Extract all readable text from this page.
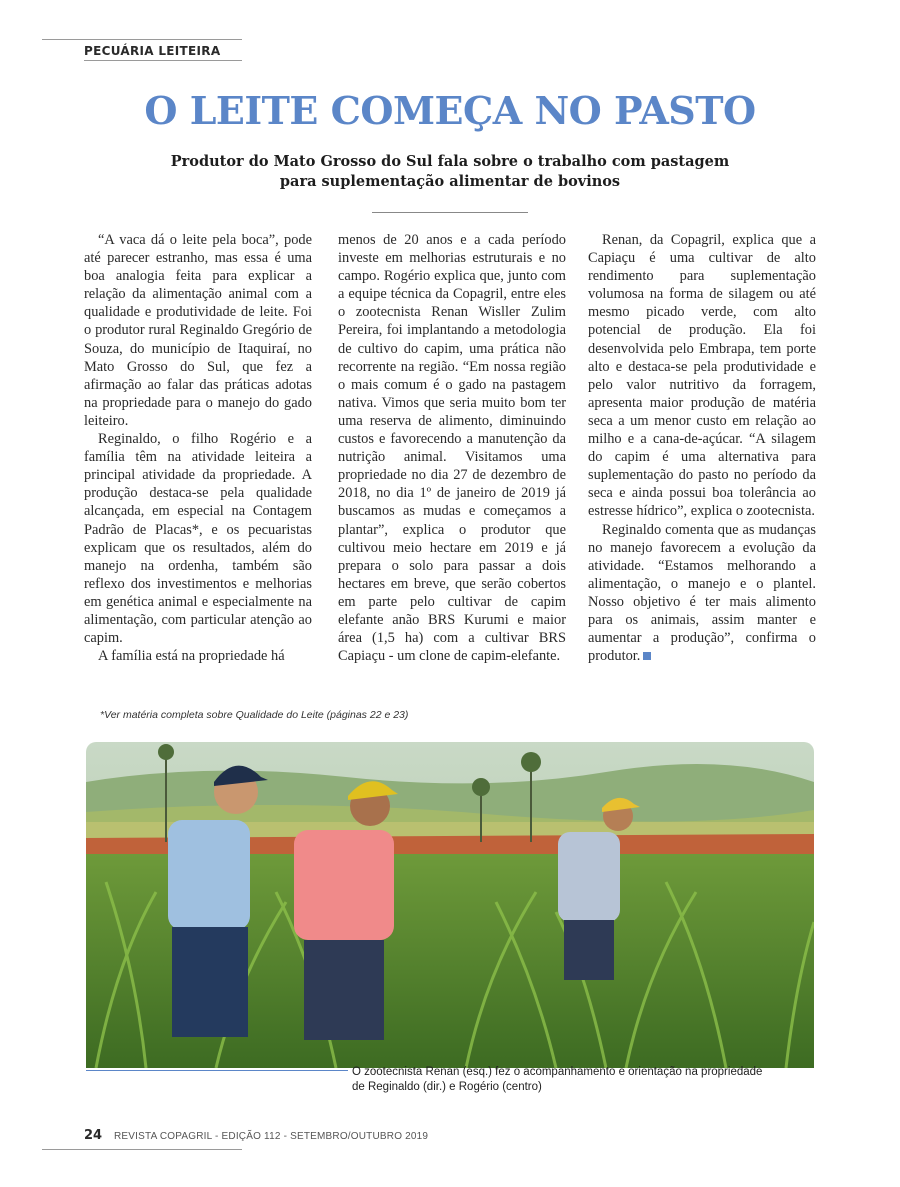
PECUÁRIA LEITEIRA
O LEITE COMEÇA NO PASTO
Produtor do Mato Grosso do Sul fala sobre o trabalho com pastagem
para suplementação alimentar de bovinos

“A vaca dá o leite pela boca”, pode até parecer estranho, mas essa é uma boa analogia feita para explicar a relação da alimentação animal com a qualidade e produtividade de leite. Foi o produtor rural Reginaldo Gregório de Souza, do município de Itaquiraí, no Mato Grosso do Sul, que fez a afirmação ao falar das práticas adotas na propriedade para o manejo do gado leiteiro.

Reginaldo, o filho Rogério e a família têm na atividade leiteira a principal atividade da propriedade. A produção destaca-se pela qualidade alcançada, em especial na Contagem Padrão de Placas*, e os pecuaristas explicam que os resultados, além do manejo na ordenha, também são reflexo dos investimentos e melhorias em genética animal e especialmente na alimentação, com particular atenção ao capim.

A família está na propriedade há

menos de 20 anos e a cada período investe em melhorias estruturais e no campo. Rogério explica que, junto com a equipe técnica da Copagril, entre eles o zootecnista Renan Wisller Zulim Pereira, foi implantando a metodologia de cultivo do capim, uma prática não recorrente na região. “Em nossa região o mais comum é o gado na pastagem nativa. Vimos que seria muito bom ter uma reserva de alimento, diminuindo custos e favorecendo a manutenção da nutrição animal. Visitamos uma propriedade no dia 27 de dezembro de 2018, no dia 1º de janeiro de 2019 já buscamos as mudas e começamos a plantar”, explica o produtor que cultivou meio hectare em 2019 e já prepara o solo para passar a dois hectares em breve, que serão cobertos em parte pelo cultivar de capim elefante anão BRS Kurumi e maior área (1,5 ha) com a cultivar BRS Capiaçu - um clone de capim-elefante.

Renan, da Copagril, explica que a Capiaçu é uma cultivar de alto rendimento para suplementação volumosa na forma de silagem ou até mesmo picado verde, com alto potencial de produção. Ela foi desenvolvida pelo Embrapa, tem porte alto e destaca-se pela produtividade e pelo valor nutritivo da forragem, apresenta maior produção de matéria seca a um menor custo em relação ao milho e a cana-de-açúcar. “A silagem do capim é uma alternativa para suplementação do pasto no período da seca e ainda possui boa tolerância ao estresse hídrico”, explica o zootecnista.

Reginaldo comenta que as mudanças no manejo favorecem a evolução da atividade. “Estamos melhorando a alimentação, o manejo e o plantel. Nosso objetivo é ter mais alimento para os animais, assim manter e aumentar a produção”, confirma o produtor.

*Ver matéria completa sobre Qualidade do Leite (páginas 22 e 23)
O zootecnista Renan (esq.) fez o acompanhamento e orientação na propriedade
de Reginaldo (dir.) e Rogério (centro)
24 REVISTA COPAGRIL - EDIÇÃO 112 - SETEMBRO/OUTUBRO 2019
